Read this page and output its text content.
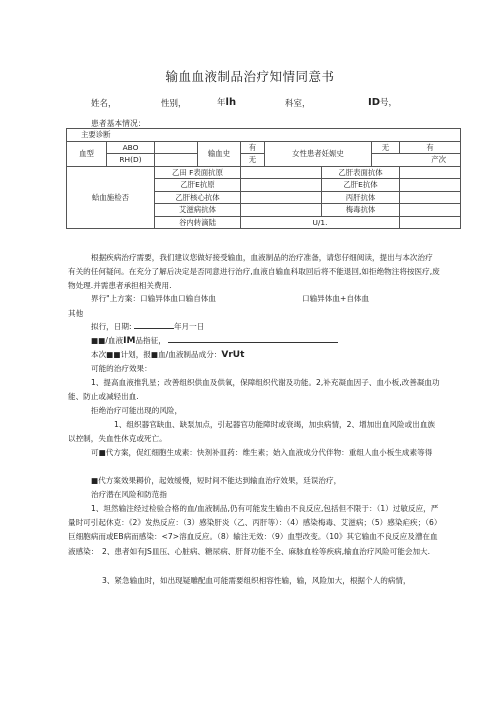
输血血液制品治疗知情同意书
姓名，	性别，	年lh	科室，	ID号，
患者基本情况：
主要诊断									
血型	ABO		输血史	有	女性患者妊娠史		无	有	
	RH(D)			无			产次		
蛤血施检否		乙田 F表面抗原				乙肝表面抗体			
		乙肝E抗原				乙肝E抗体			
		乙肝核心抗体				丙肝抗体			
		艾滋病抗体				梅毒抗体			
		谷内转滴陆		U/1.		
根据疾病治疗需要，我们建议您做好接受输血，血液制品的治疗准备，请您仔细阅读，提出与本次治疗有关的任何疑问。在充分了解后决定是否同意进行治疗,血液自输血科取回后将不能退回,如拒绝物注将按医疗,废物处理.并需患者承担相关费用.
界行"上方案：口输异体血口输自体血	口输异体血+自体血
其他
拟行，日期:	年月一日
■■/血液IM品指征，
本次■■计划，报■血/血液制品成分：VrUt
可能的治疗效果：
1、提高血液推乳星；改善组织供血及供氧，保障组织代谢及功能。2,补充凝血因子、血小板,改善凝血功能、防止或减轻出血.
拒绝治疗可能出现的风险，
1、组织器官缺血、缺泵加点，引起器官功能障时或衰竭，加虫病情，2、增加出血风险或出血族以控制，失血性休克或死亡。
可■代方案，促红细胞生成素：快剂补皿药：维生素；始入血液成分代伴物：重组人血小板生成素等得
■代方案效果耨价，起效缓慢，短时间不能达到输血治疗效果，廷误治疗，
治疗潜在风险和防范指
1、坦然输注经过检验合格的血/血液制品,仍有可能发生输由不良反应,包括但不限于：（1）过敏反应，严量时可引起休克：《2》发热反应：（3）感染肝炎（乙、丙肝等）：（4）感染梅毒、艾滋病；（5）感染疟疾；（6）巨细胞病而或EB病而感染：<7>溶血反应。（8）输注无效：（9）血型改变。（10》其它输血不良反应及漕在血液感染： 2、患者如有JS皿压、心脏病、糖尿病、肝肾功能不全、麻脉血栓等疾病,输血治疗风险可能会加大.
3、紧急输血时，如出现疑雕配血可能需要组织相容性输，输，风险加大，根据个人的病情，
